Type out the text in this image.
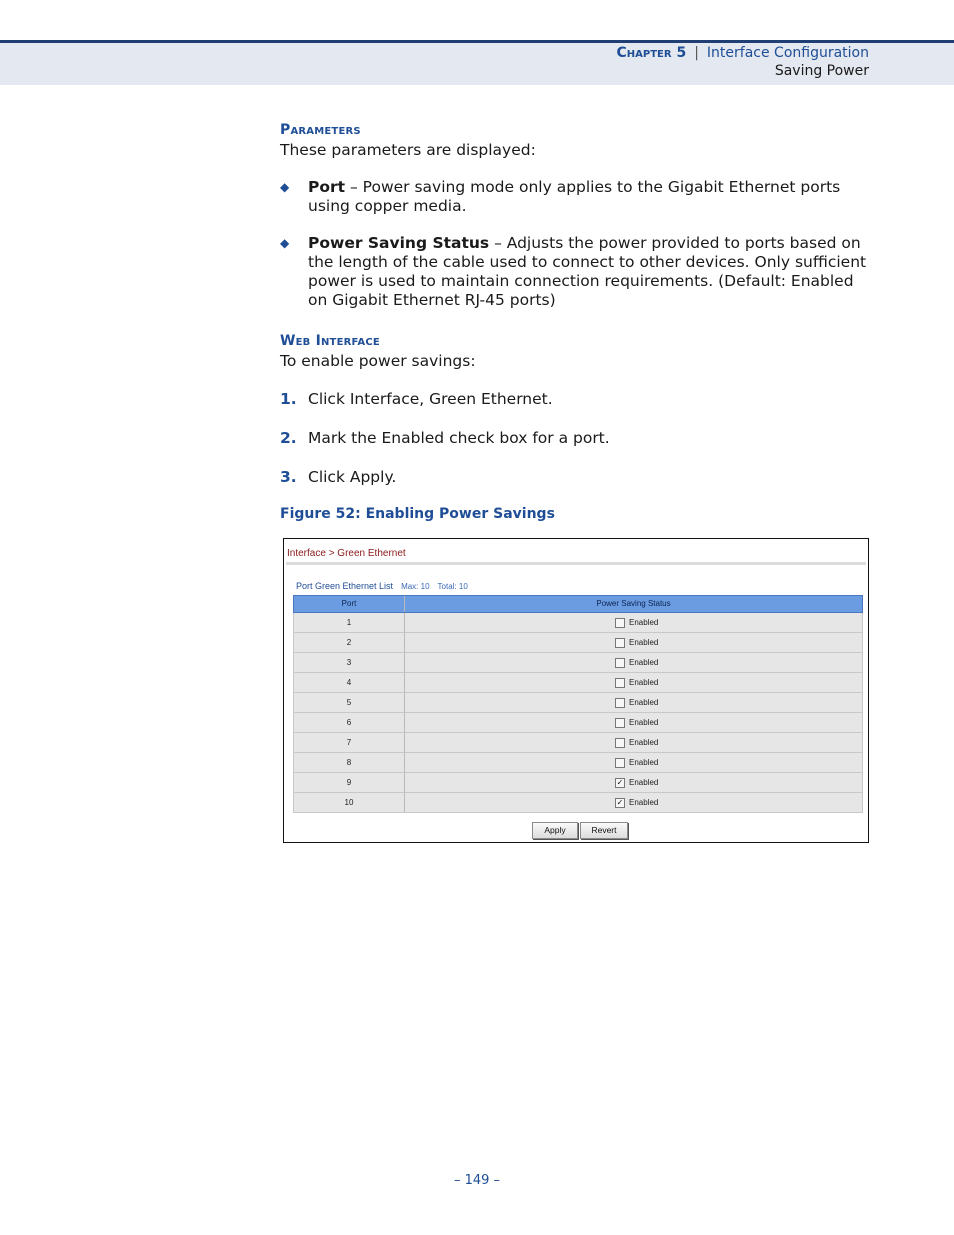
Chapter 5 | Interface Configuration
Saving Power
Parameters
These parameters are displayed:
◆ Port – Power saving mode only applies to the Gigabit Ethernet ports using copper media.
◆ Power Saving Status – Adjusts the power provided to ports based on the length of the cable used to connect to other devices. Only sufficient power is used to maintain connection requirements. (Default: Enabled on Gigabit Ethernet RJ-45 ports)
Web Interface
To enable power savings:
1. Click Interface, Green Ethernet.
2. Mark the Enabled check box for a port.
3. Click Apply.
Figure 52: Enabling Power Savings
Interface > Green Ethernet
Port Green Ethernet List Max: 10 Total: 10
Port	Power Saving Status
1	Enabled
2	Enabled
3	Enabled
4	Enabled
5	Enabled
6	Enabled
7	Enabled
8	Enabled
9	✓ Enabled
10	✓ Enabled
Apply	Revert
– 149 –
